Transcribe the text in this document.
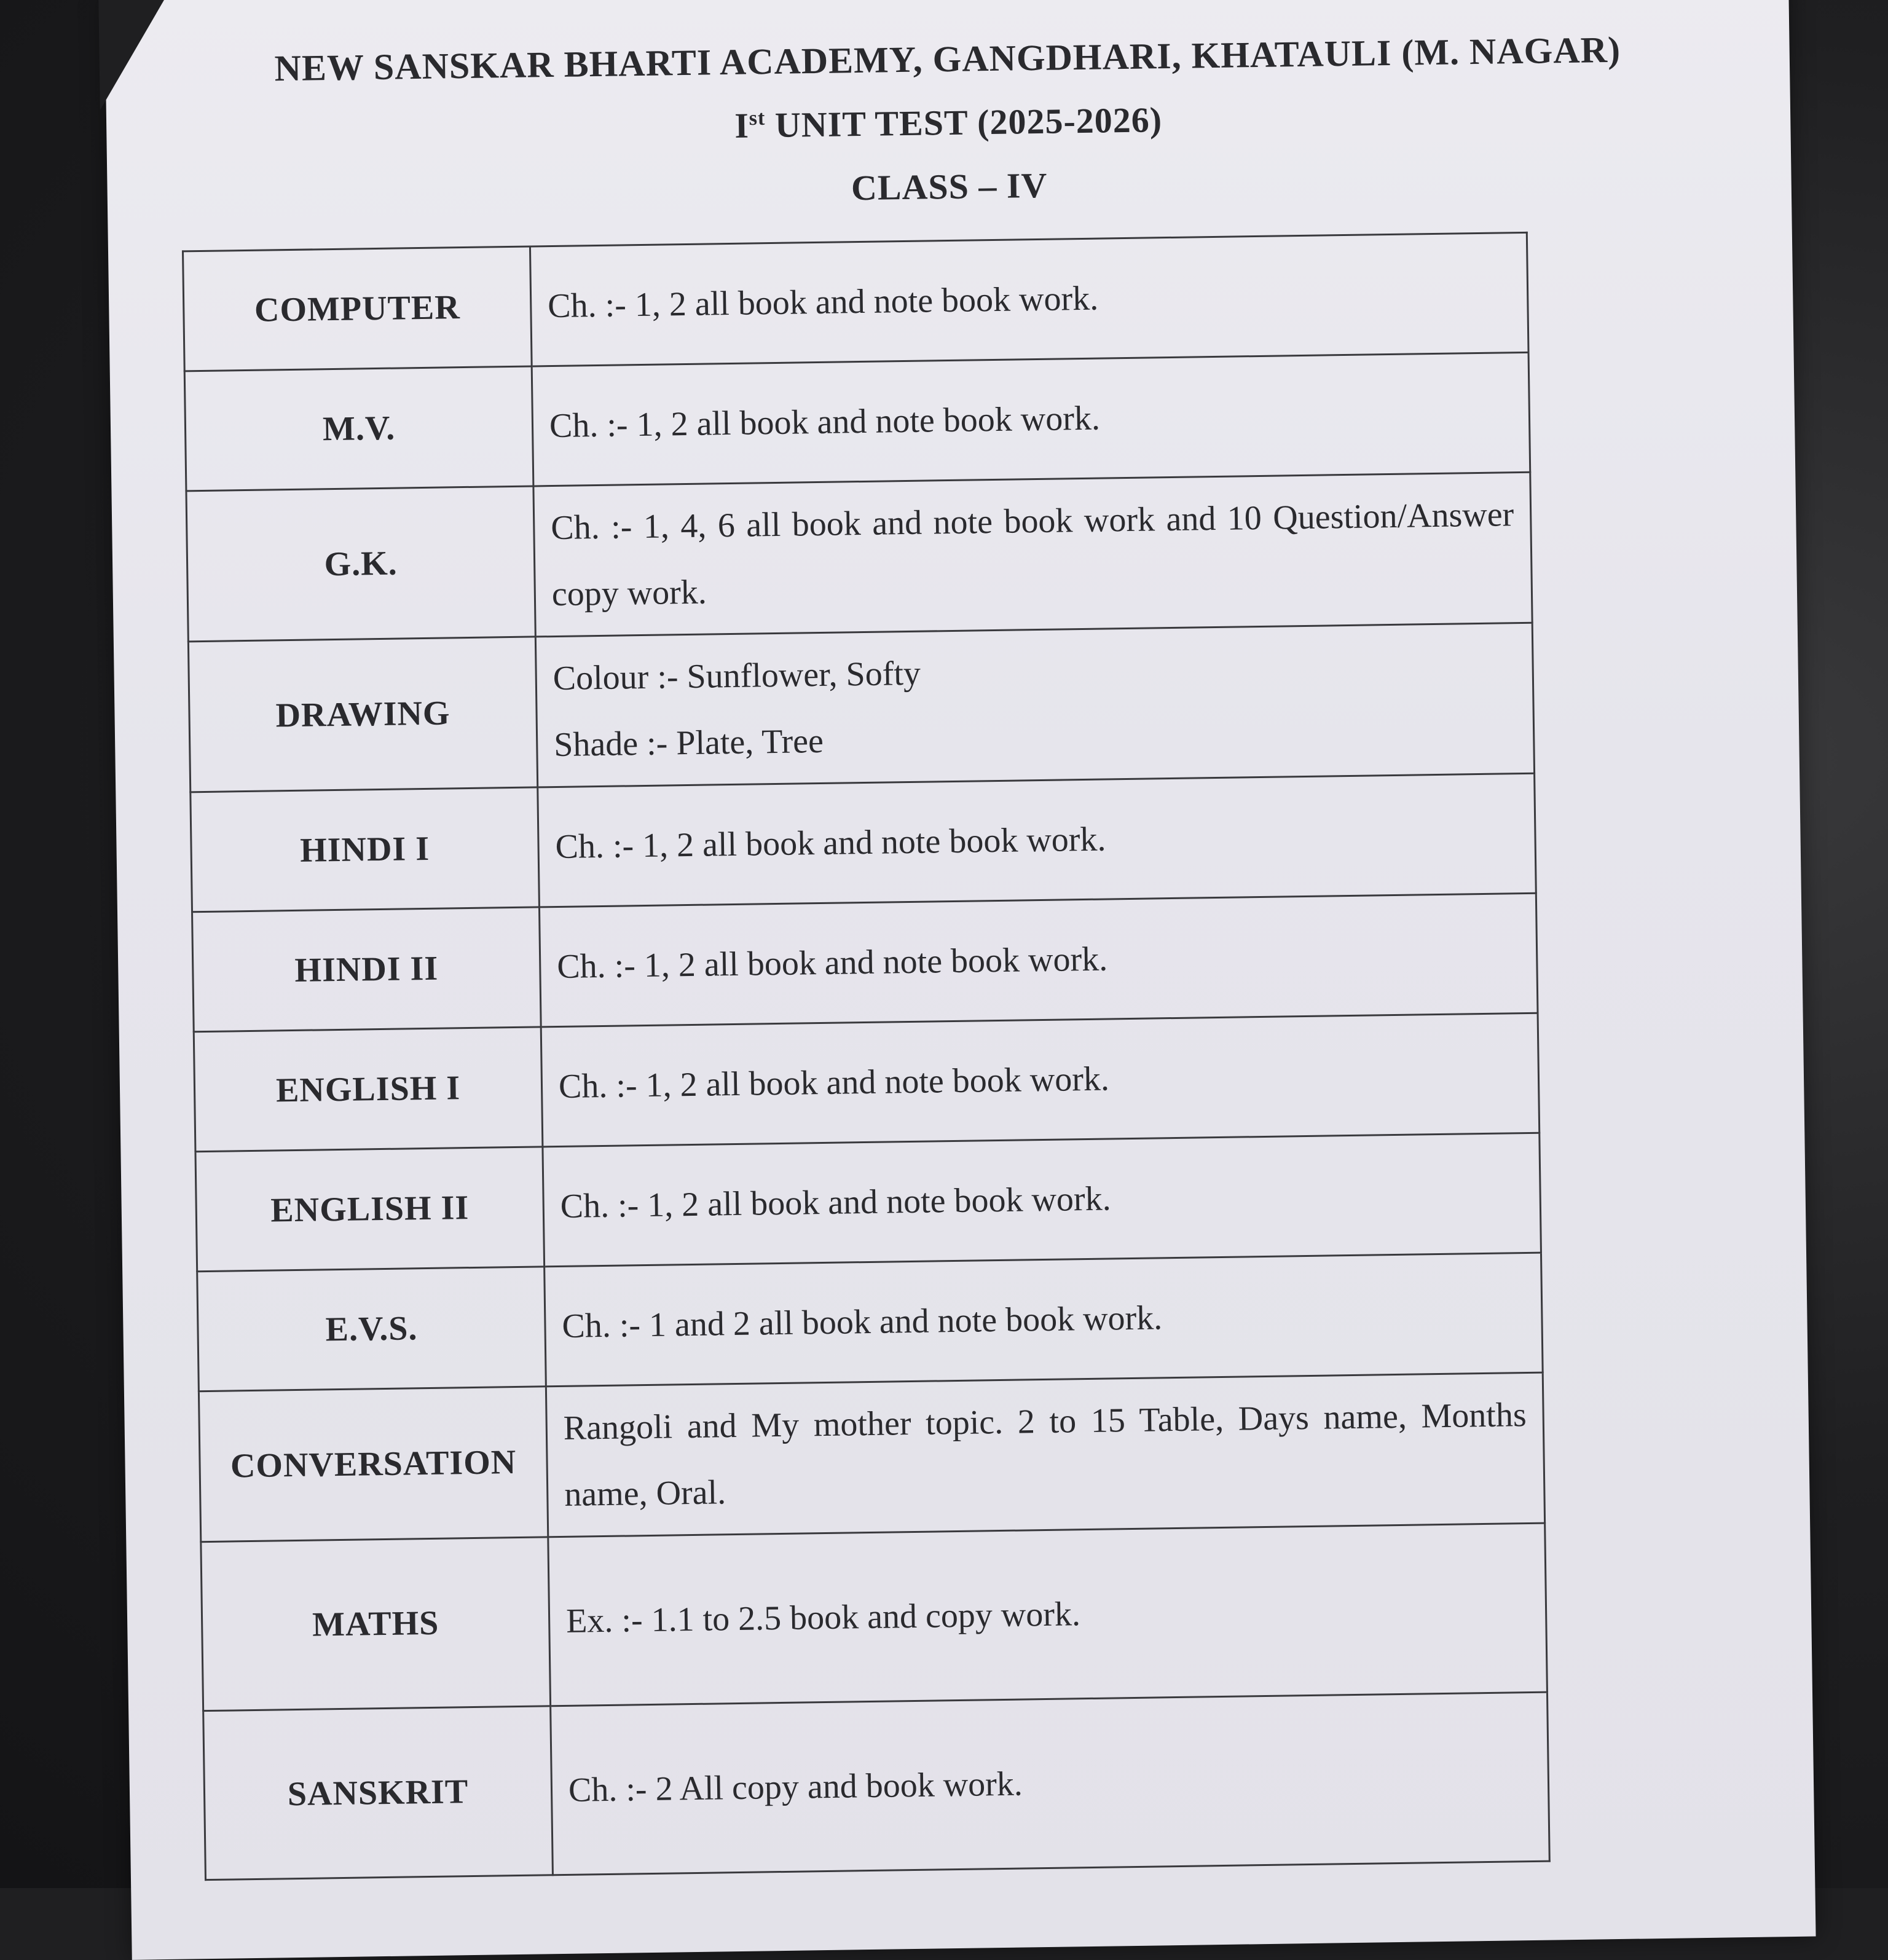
NEW SANSKAR BHARTI ACADEMY, GANGDHARI, KHATAULI (M. NAGAR)
Ist UNIT TEST (2025-2026)
CLASS – IV
COMPUTER	Ch. :- 1, 2 all book and note book work.
M.V.	Ch. :- 1, 2 all book and note book work.
G.K.	Ch. :- 1, 4, 6 all book and note book work and 10 Question/Answer copy work.
DRAWING	Colour :- Sunflower, Softy
Shade :- Plate, Tree

HINDI I	Ch. :- 1, 2 all book and note book work.
HINDI II	Ch. :- 1, 2 all book and note book work.
ENGLISH I	Ch. :- 1, 2 all book and note book work.
ENGLISH II	Ch. :- 1, 2 all book and note book work.
E.V.S.	Ch. :- 1 and 2 all book and note book work.
CONVERSATION	Rangoli and My mother topic. 2 to 15 Table, Days name, Months name, Oral.
MATHS	Ex. :- 1.1 to 2.5 book and copy work.
SANSKRIT	Ch. :- 2 All copy and book work.
